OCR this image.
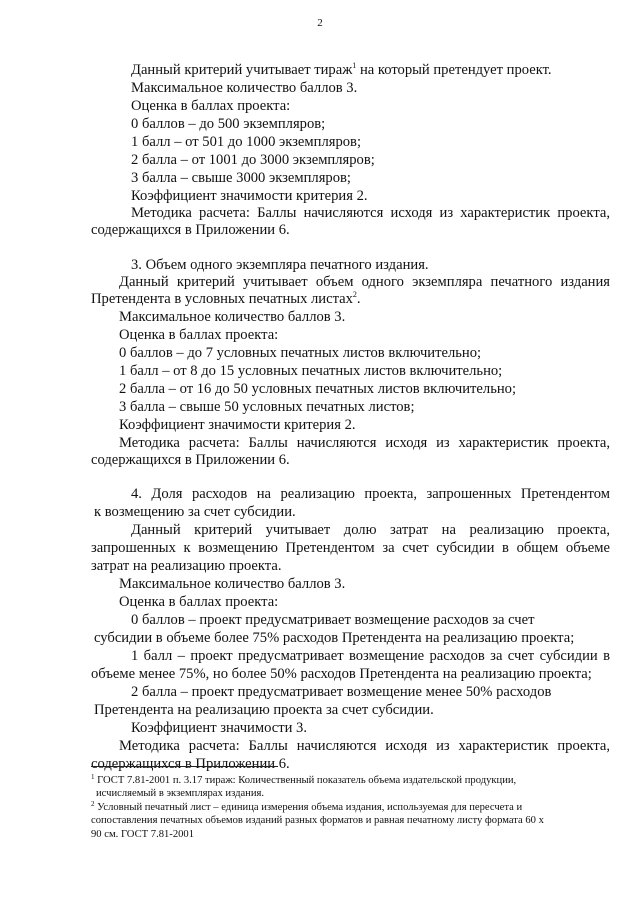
2
Данный критерий учитывает тираж$^1$ на который претендует проект.
Максимальное количество баллов 3.
Оценка в баллах проекта:
0 баллов – до 500 экземпляров;
1 балл – от 501 до 1000 экземпляров;
2 балла – от 1001 до 3000 экземпляров;
3 балла – свыше 3000 экземпляров;
Коэффициент значимости критерия 2.
Методика расчета: Баллы начисляются исходя из характеристик проекта,
содержащихся в Приложении 6.
3. Объем одного экземпляра печатного издания.
Данный критерий учитывает объем одного экземпляра печатного издания
Претендента в условных печатных листах$^2$.
Максимальное количество баллов 3.
Оценка в баллах проекта:
0 баллов – до 7 условных печатных листов включительно;
1 балл – от 8 до 15 условных печатных листов включительно;
2 балла – от 16 до 50 условных печатных листов включительно;
3 балла – свыше 50 условных печатных листов;
Коэффициент значимости критерия 2.
Методика расчета: Баллы начисляются исходя из характеристик проекта,
содержащихся в Приложении 6.
4. Доля расходов на реализацию проекта, запрошенных Претендентом
к возмещению за счет субсидии.
Данный критерий учитывает долю затрат на реализацию проекта,
запрошенных к возмещению Претендентом за счет субсидии в общем объеме
затрат на реализацию проекта.
Максимальное количество баллов 3.
Оценка в баллах проекта:
0 баллов – проект предусматривает возмещение расходов за счет
субсидии в объеме более 75% расходов Претендента на реализацию проекта;
1 балл – проект предусматривает возмещение расходов за счет субсидии в
объеме менее 75%, но более 50% расходов Претендента на реализацию проекта;
2 балла – проект предусматривает возмещение менее 50% расходов
Претендента на реализацию проекта за счет субсидии.
Коэффициент значимости 3.
Методика расчета: Баллы начисляются исходя из характеристик проекта,
содержащихся в Приложении 6.
$^1$ ГОСТ 7.81-2001 п. 3.17 тираж: Количественный показатель объема издательской продукции,
исчисляемый в экземплярах издания.
$^2$ Условный печатный лист – единица измерения объема издания, используемая для пересчета и
сопоставления печатных объемов изданий разных форматов и равная печатному листу формата 60 х
90 см. ГОСТ 7.81-2001
